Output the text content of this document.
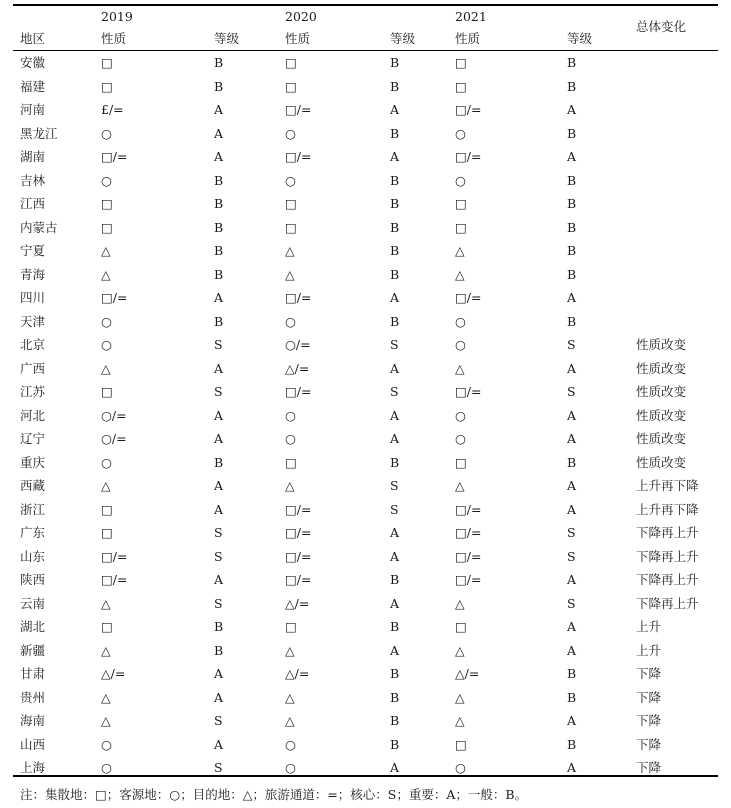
2019	2020	2021
总体变化
地区	性质	等级	性质	等级	性质	等级
安徽	□	B	□	B	□	B
福建	□	B	□	B	□	B
河南	£/=	A	□/=	A	□/=	A
黑龙江	○	A	○	B	○	B
湖南	□/=	A	□/=	A	□/=	A
吉林	○	B	○	B	○	B
江西	□	B	□	B	□	B
内蒙古	□	B	□	B	□	B
宁夏	△	B	△	B	△	B
青海	△	B	△	B	△	B
四川	□/=	A	□/=	A	□/=	A
天津	○	B	○	B	○	B
北京	○	S	○/=	S	○	S	性质改变
广西	△	A	△/=	A	△	A	性质改变
江苏	□	S	□/=	S	□/=	S	性质改变
河北	○/=	A	○	A	○	A	性质改变
辽宁	○/=	A	○	A	○	A	性质改变
重庆	○	B	□	B	□	B	性质改变
西藏	△	A	△	S	△	A	上升再下降
浙江	□	A	□/=	S	□/=	A	上升再下降
广东	□	S	□/=	A	□/=	S	下降再上升
山东	□/=	S	□/=	A	□/=	S	下降再上升
陕西	□/=	A	□/=	B	□/=	A	下降再上升
云南	△	S	△/=	A	△	S	下降再上升
湖北	□	B	□	B	□	A	上升
新疆	△	B	△	A	△	A	上升
甘肃	△/=	A	△/=	B	△/=	B	下降
贵州	△	A	△	B	△	B	下降
海南	△	S	△	B	△	A	下降
山西	○	A	○	B	□	B	下降
上海	○	S	○	A	○	A	下降
注：集散地：□；客源地：○；目的地：△；旅游通道：=；核心：S；重要：A；一般：B。
